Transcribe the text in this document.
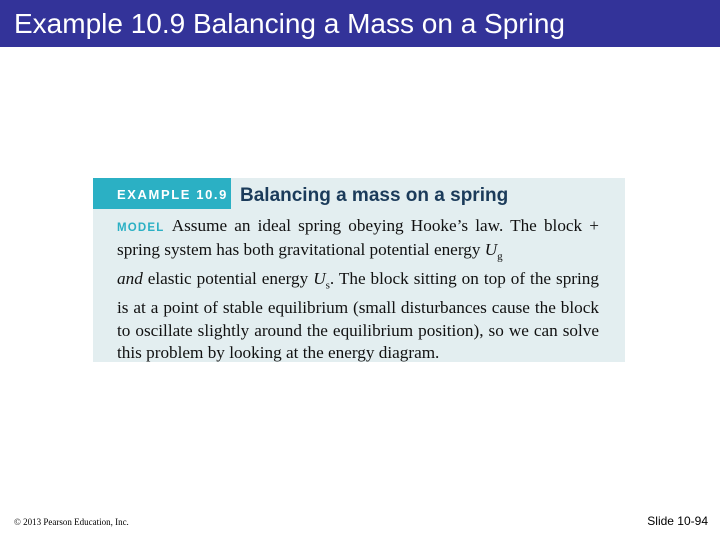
Example 10.9 Balancing a Mass on a Spring
EXAMPLE 10.9 Balancing a mass on a spring
MODEL Assume an ideal spring obeying Hooke’s law. The block + spring system has both gravitational potential energy $U_g$
and elastic potential energy $U_s$. The block sitting on top of the spring is at a point of stable equilibrium (small disturbances cause the block to oscillate slightly around the equilibrium position), so we can solve this problem by looking at the energy diagram.
© 2013 Pearson Education, Inc.	Slide 10-94
